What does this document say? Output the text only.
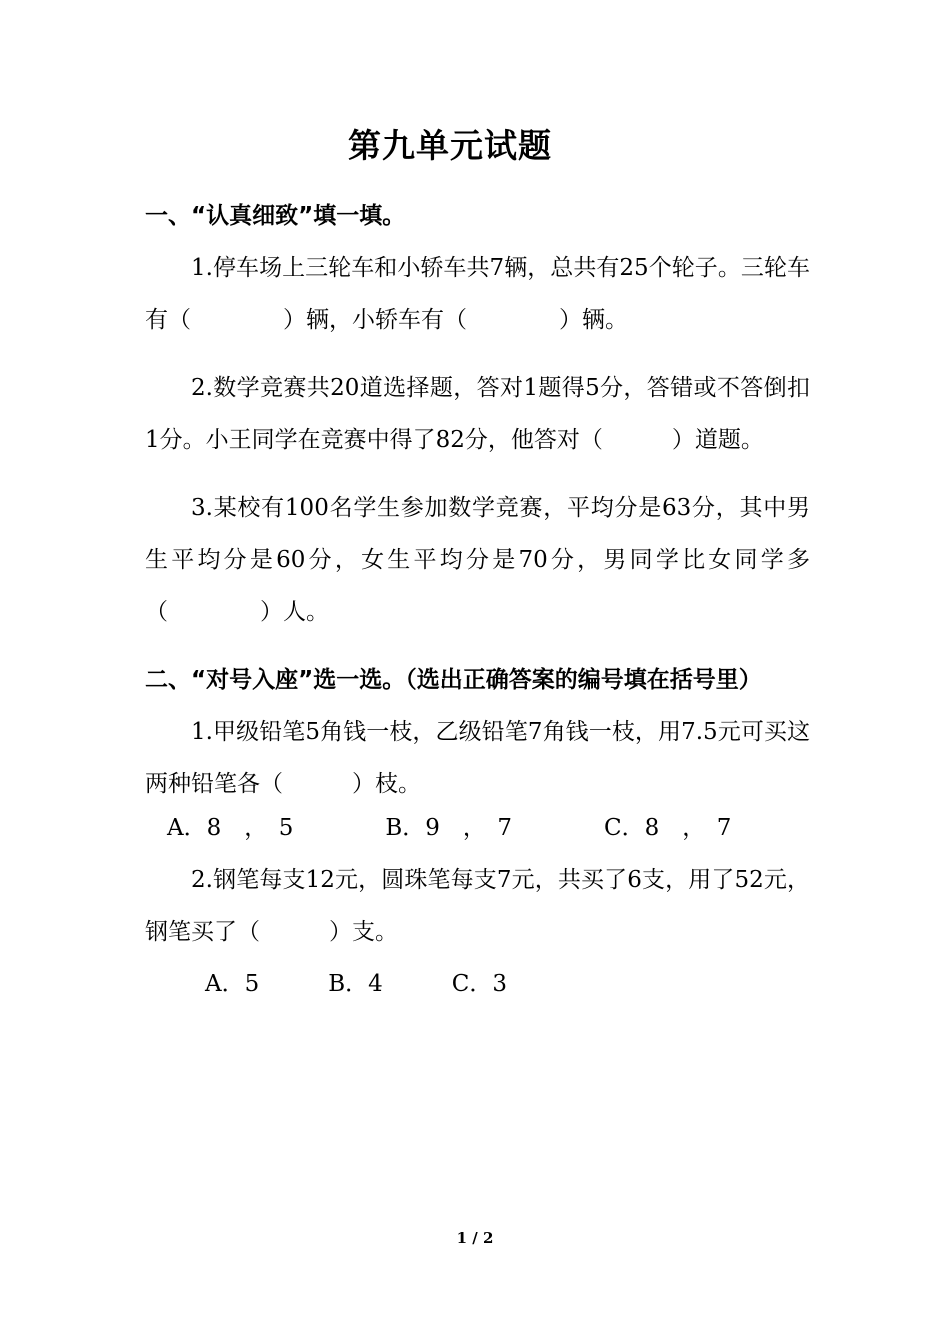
第九单元试题

一、“认真细致”填一填。

1.停车场上三轮车和小轿车共7辆，总共有25个轮子。三轮车有（　　　　）辆，小轿车有（　　　　）辆。

2.数学竞赛共20道选择题，答对1题得5分，答错或不答倒扣1分。小王同学在竞赛中得了82分，他答对（　　　）道题。

3.某校有100名学生参加数学竞赛，平均分是63分，其中男生平均分是60分，女生平均分是70分，男同学比女同学多（　　　　）人。

二、“对号入座”选一选。（选出正确答案的编号填在括号里）

1.甲级铅笔5角钱一枝，乙级铅笔7角钱一枝，用7.5元可买这两种铅笔各（　　　）枝。

A．8　，　5　　　　B．9　，　7　　　　C．8　，　7

2.钢笔每支12元，圆珠笔每支7元，共买了6支，用了52元，钢笔买了（　　　）支。

A．5　　　B．4　　　C．3

1 / 2
